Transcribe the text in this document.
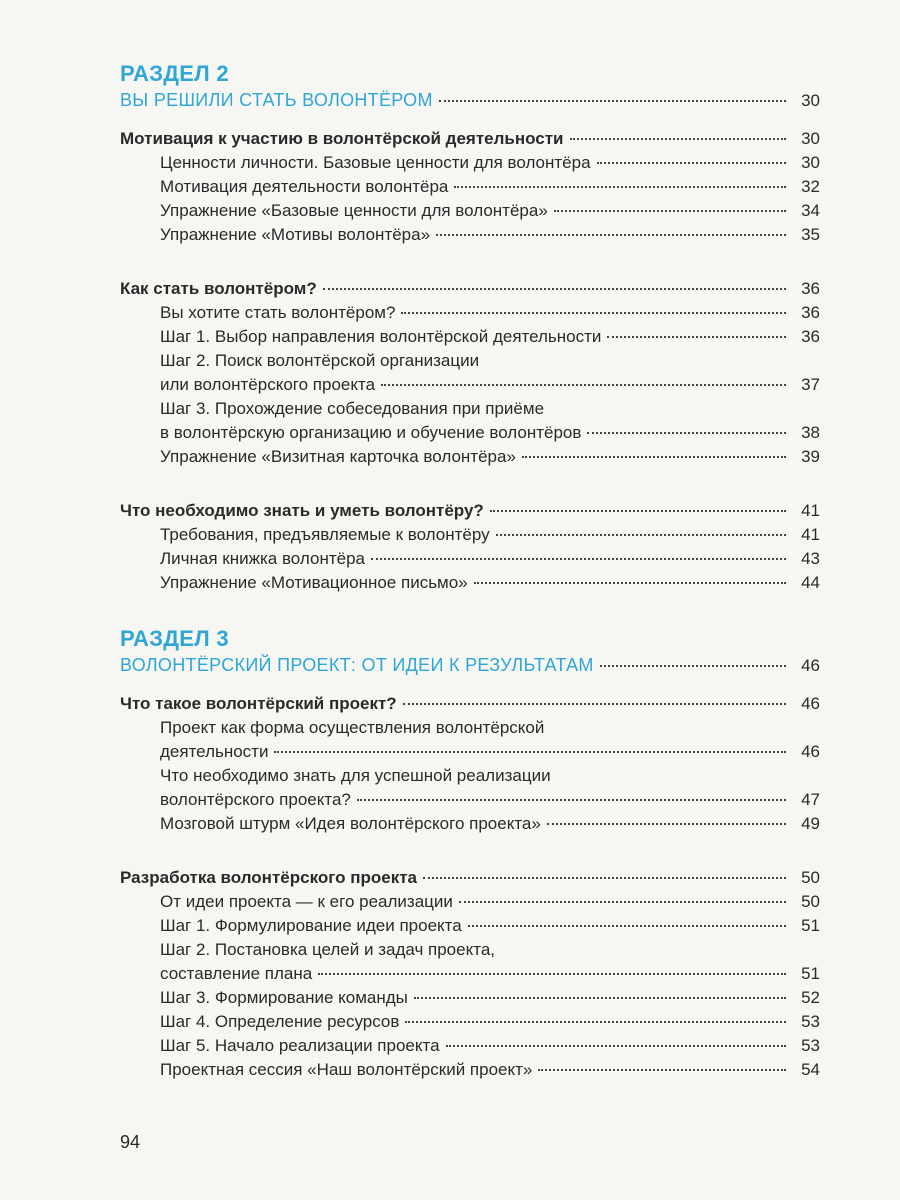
РАЗДЕЛ 2
ВЫ РЕШИЛИ СТАТЬ ВОЛОНТЁРОМ	30
Мотивация к участию в волонтёрской деятельности	30
Ценности личности. Базовые ценности для волонтёра	30
Мотивация деятельности волонтёра	32
Упражнение «Базовые ценности для волонтёра»	34
Упражнение «Мотивы волонтёра»	35
Как стать волонтёром?	36
Вы хотите стать волонтёром?	36
Шаг 1. Выбор направления волонтёрской деятельности	36
Шаг 2. Поиск волонтёрской организации
или волонтёрского проекта	37
Шаг 3. Прохождение собеседования при приёме
в волонтёрскую организацию и обучение волонтёров	38
Упражнение «Визитная карточка волонтёра»	39
Что необходимо знать и уметь волонтёру?	41
Требования, предъявляемые к волонтёру	41
Личная книжка волонтёра	43
Упражнение «Мотивационное письмо»	44
РАЗДЕЛ 3
ВОЛОНТЁРСКИЙ ПРОЕКТ: ОТ ИДЕИ К РЕЗУЛЬТАТАМ	46
Что такое волонтёрский проект?	46
Проект как форма осуществления волонтёрской
деятельности	46
Что необходимо знать для успешной реализации
волонтёрского проекта?	47
Мозговой штурм «Идея волонтёрского проекта»	49
Разработка волонтёрского проекта	50
От идеи проекта — к его реализации	50
Шаг 1. Формулирование идеи проекта	51
Шаг 2. Постановка целей и задач проекта,
составление плана	51
Шаг 3. Формирование команды	52
Шаг 4. Определение ресурсов	53
Шаг 5. Начало реализации проекта	53
Проектная сессия «Наш волонтёрский проект»	54
94
